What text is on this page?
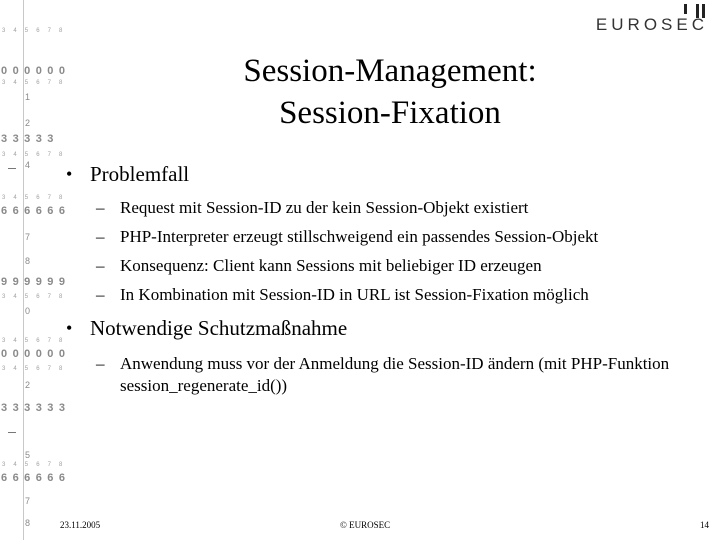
3 4 5 6 7 8
0 0 0 0 0 0
3 4 5 6 7 8
1
2
3 3 3 3 3
3 4 5 6 7 8
4
3 4 5 6 7 8
6 6 6 6 6 6
7
8
9 9 9 9 9 9
3 4 5 6 7 8
0
3 4 5 6 7 8
0 0 0 0 0 0
3 4 5 6 7 8
2
3 3 3 3 3 3
5
3 4 5 6 7 8
6 6 6 6 6 6
7
8
EUROSEC
Session-Management:
Session-Fixation
• Problemfall
– Request mit Session-ID zu der kein Session-Objekt existiert
– PHP-Interpreter erzeugt stillschweigend ein passendes Session-Objekt
– Konsequenz: Client kann Sessions mit beliebiger ID erzeugen
– In Kombination mit Session-ID in URL ist Session-Fixation möglich
• Notwendige Schutzmaßnahme
– Anwendung muss vor der Anmeldung die Session-ID ändern (mit PHP-Funktion session_regenerate_id())
23.11.2005	© EUROSEC	14
